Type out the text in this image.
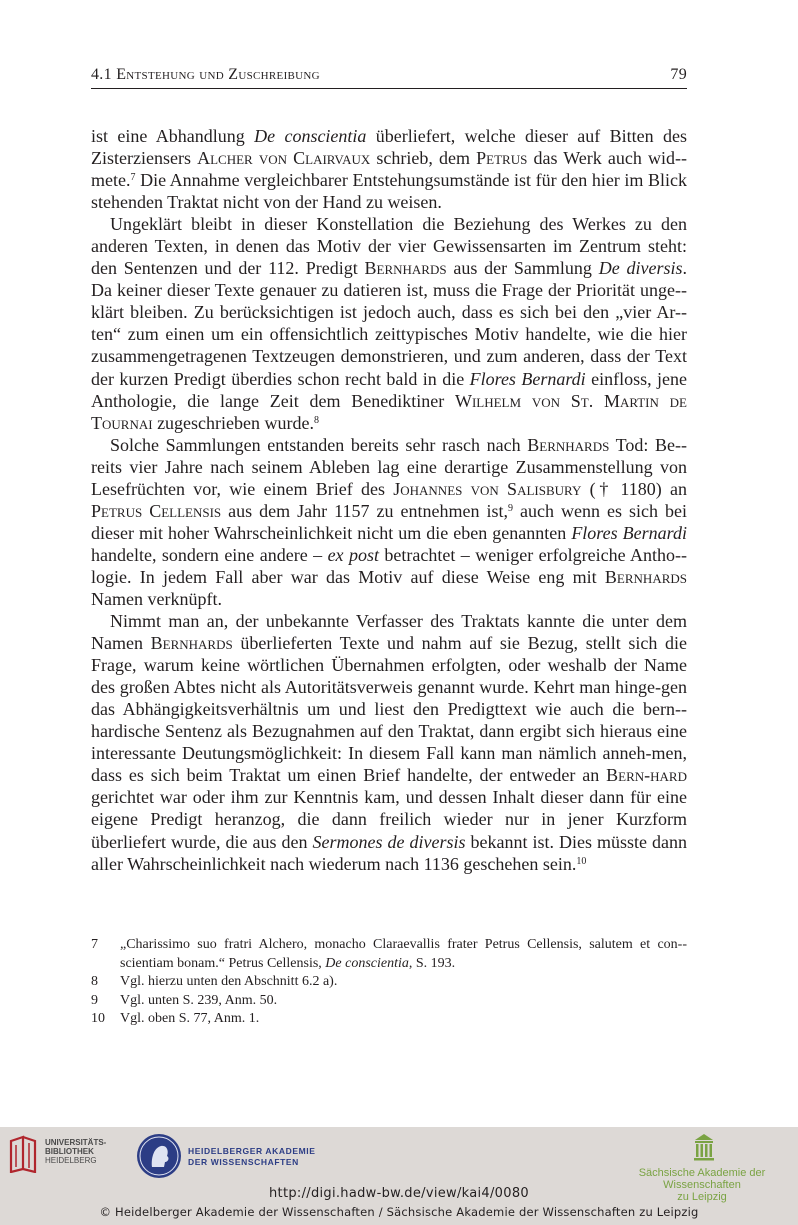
4.1 Entstehung und Zuschreibung	79

ist eine Abhandlung De conscientia überliefert, welche dieser auf Bitten des Zisterziensers Alcher von Clairvaux schrieb, dem Petrus das Werk auch wid-mete.$^7$ Die Annahme vergleichbarer Entstehungsumstände ist für den hier im Blick stehenden Traktat nicht von der Hand zu weisen.

Ungeklärt bleibt in dieser Konstellation die Beziehung des Werkes zu den anderen Texten, in denen das Motiv der vier Gewissensarten im Zentrum steht: den Sentenzen und der 112. Predigt Bernhards aus der Sammlung De diversis. Da keiner dieser Texte genauer zu datieren ist, muss die Frage der Priorität unge-klärt bleiben. Zu berücksichtigen ist jedoch auch, dass es sich bei den „vier Ar-ten“ zum einen um ein offensichtlich zeittypisches Motiv handelte, wie die hier zusammengetragenen Textzeugen demonstrieren, und zum anderen, dass der Text der kurzen Predigt überdies schon recht bald in die Flores Bernardi einfloss, jene Anthologie, die lange Zeit dem Benediktiner Wilhelm von St. Martin de Tournai zugeschrieben wurde.$^8$

Solche Sammlungen entstanden bereits sehr rasch nach Bernhards Tod: Be-reits vier Jahre nach seinem Ableben lag eine derartige Zusammenstellung von Lesefrüchten vor, wie einem Brief des Johannes von Salisbury († 1180) an Petrus Cellensis aus dem Jahr 1157 zu entnehmen ist,$^9$ auch wenn es sich bei dieser mit hoher Wahrscheinlichkeit nicht um die eben genannten Flores Bernardi handelte, sondern eine andere – ex post betrachtet – weniger erfolgreiche Antho-logie. In jedem Fall aber war das Motiv auf diese Weise eng mit Bernhards Namen verknüpft.

Nimmt man an, der unbekannte Verfasser des Traktats kannte die unter dem Namen Bernhards überlieferten Texte und nahm auf sie Bezug, stellt sich die Frage, warum keine wörtlichen Übernahmen erfolgten, oder weshalb der Name des großen Abtes nicht als Autoritätsverweis genannt wurde. Kehrt man hinge-gen das Abhängigkeitsverhältnis um und liest den Predigttext wie auch die bern-hardische Sentenz als Bezugnahmen auf den Traktat, dann ergibt sich hieraus eine interessante Deutungsmöglichkeit: In diesem Fall kann man nämlich anneh-men, dass es sich beim Traktat um einen Brief handelte, der entweder an Bern-hard gerichtet war oder ihm zur Kenntnis kam, und dessen Inhalt dieser dann für eine eigene Predigt heranzog, die dann freilich wieder nur in jener Kurzform überliefert wurde, die aus den Sermones de diversis bekannt ist. Dies müsste dann aller Wahrscheinlichkeit nach wiederum nach 1136 geschehen sein.$^{10}$

7 „Charissimo suo fratri Alchero, monacho Claraevallis frater Petrus Cellensis, salutem et con-scientiam bonam.“ Petrus Cellensis, De conscientia, S. 193.
8 Vgl. hierzu unten den Abschnitt 6.2 a).
9 Vgl. unten S. 239, Anm. 50.
10 Vgl. oben S. 77, Anm. 1.
UNIVERSITÄTS-
BIBLIOTHEK
HEIDELBERG
HEIDELBERGER AKADEMIE
DER WISSENSCHAFTEN
Sächsische Akademie der Wissenschaften
zu Leipzig
http://digi.hadw-bw.de/view/kai4/0080
© Heidelberger Akademie der Wissenschaften / Sächsische Akademie der Wissenschaften zu Leipzig
